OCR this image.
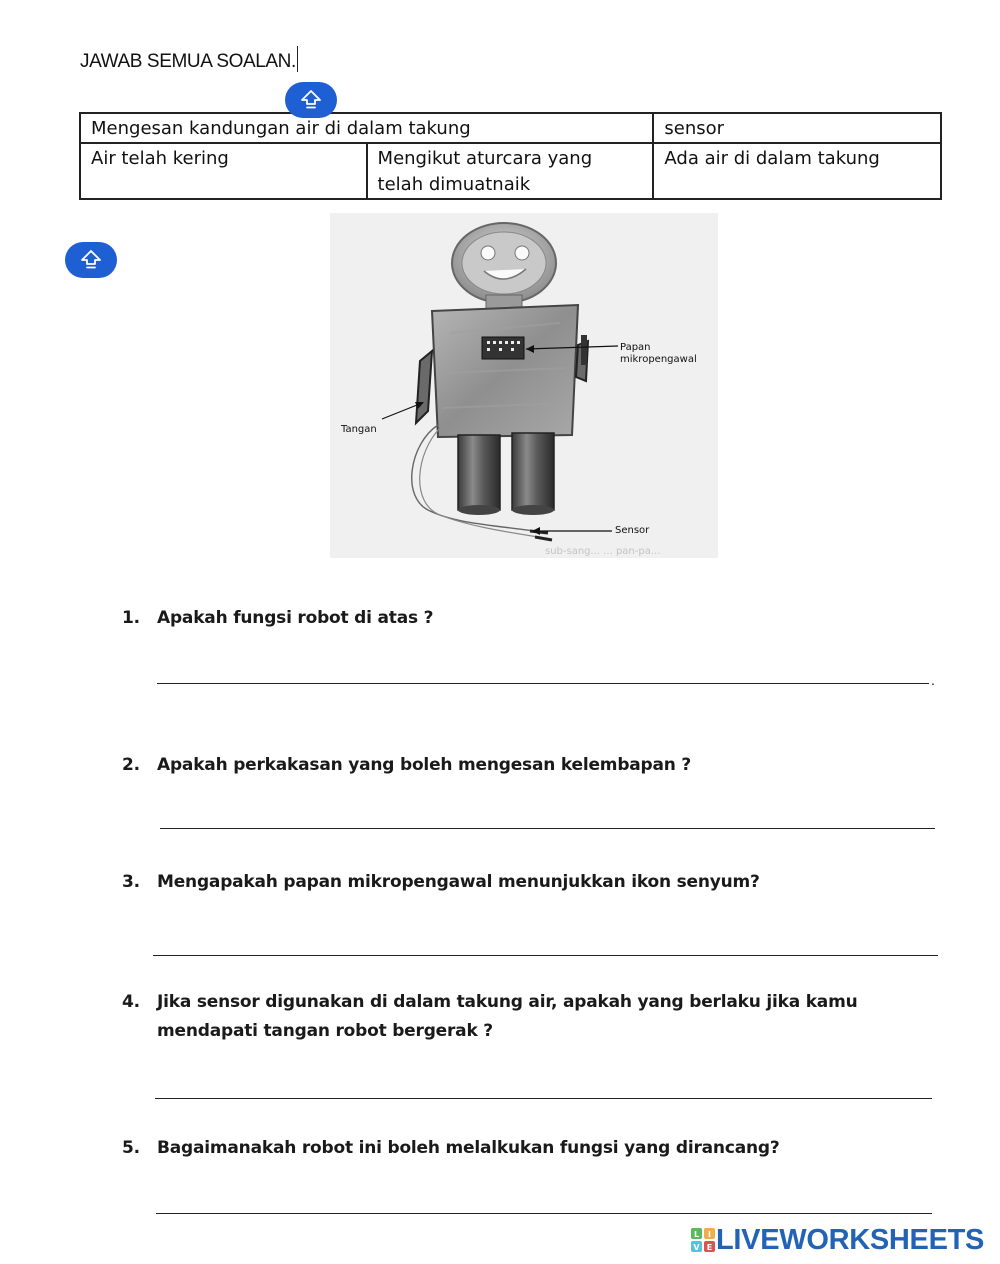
JAWAB SEMUA SOALAN.
Mengesan kandungan air di dalam takung		sensor
Air telah kering	Mengikut aturcara yang telah dimuatnaik	Ada air di dalam takung
Papan
mikropengawal
Tangan
Sensor
sub-sang... ... pan-pa...
1. Apakah fungsi robot di atas ?
.
2. Apakah perkakasan yang boleh mengesan kelembapan ?
3. Mengapakah papan mikropengawal menunjukkan ikon senyum?
4. Jika sensor digunakan di dalam takung air, apakah yang berlaku jika kamu mendapati tangan robot bergerak ?
5. Bagaimanakah robot ini boleh melalkukan fungsi yang dirancang?
L I
V E LIVEWORKSHEETS
